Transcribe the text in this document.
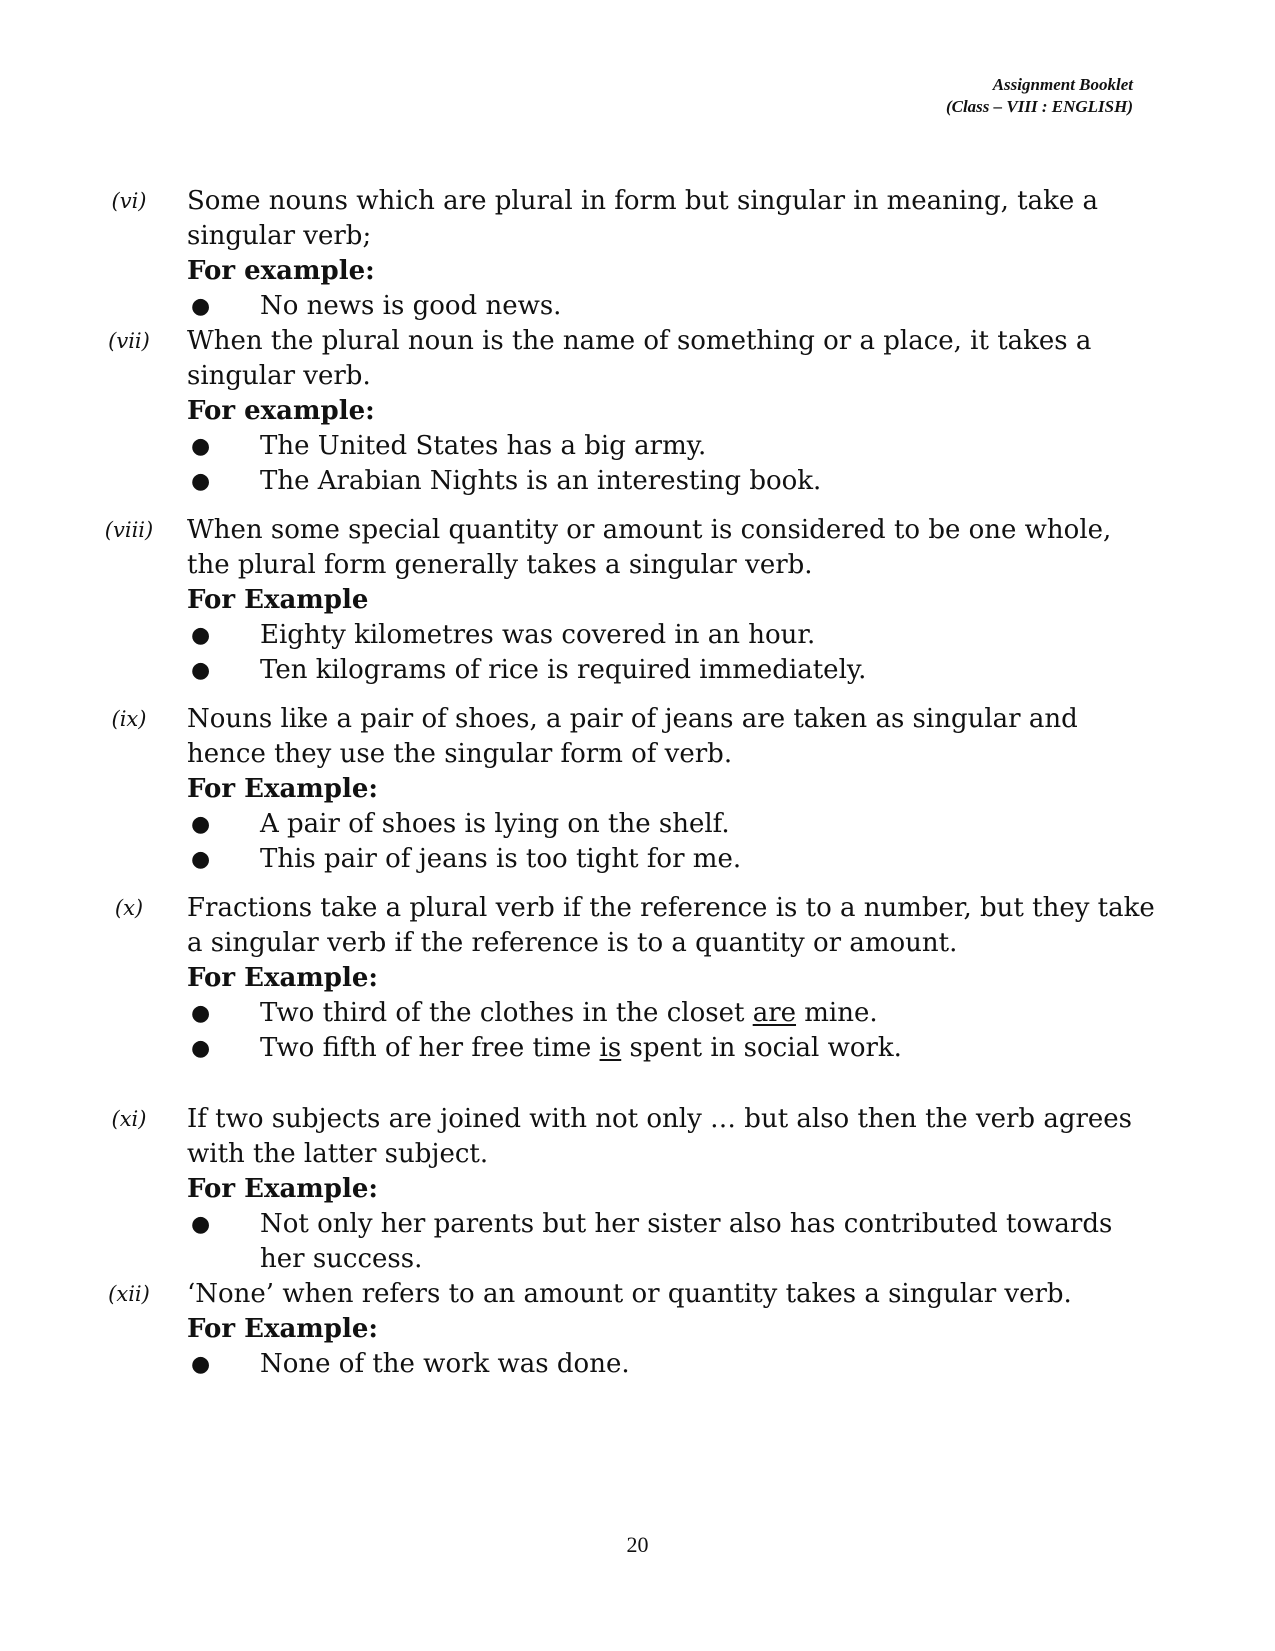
Assignment Booklet
(Class – VIII : ENGLISH)
(vi)	Some nouns which are plural in form but singular in meaning, take a singular verb;
For example:
● No news is good news.
(vii)	When the plural noun is the name of something or a place, it takes a singular verb.
For example:
● The United States has a big army.
● The Arabian Nights is an interesting book.
(viii) When some special quantity or amount is considered to be one whole, the plural form generally takes a singular verb.
For Example
● Eighty kilometres was covered in an hour.
● Ten kilograms of rice is required immediately.
(ix)	Nouns like a pair of shoes, a pair of jeans are taken as singular and hence they use the singular form of verb.
For Example:
● A pair of shoes is lying on the shelf.
● This pair of jeans is too tight for me.
(x)	Fractions take a plural verb if the reference is to a number, but they take a singular verb if the reference is to a quantity or amount.
For Example:
● Two third of the clothes in the closet are mine.
● Two fifth of her free time is spent in social work.
(xi)	If two subjects are joined with not only … but also then the verb agrees with the latter subject.
For Example:
● Not only her parents but her sister also has contributed towards her success.
(xii)	‘None’ when refers to an amount or quantity takes a singular verb.
For Example:
● None of the work was done.
20
